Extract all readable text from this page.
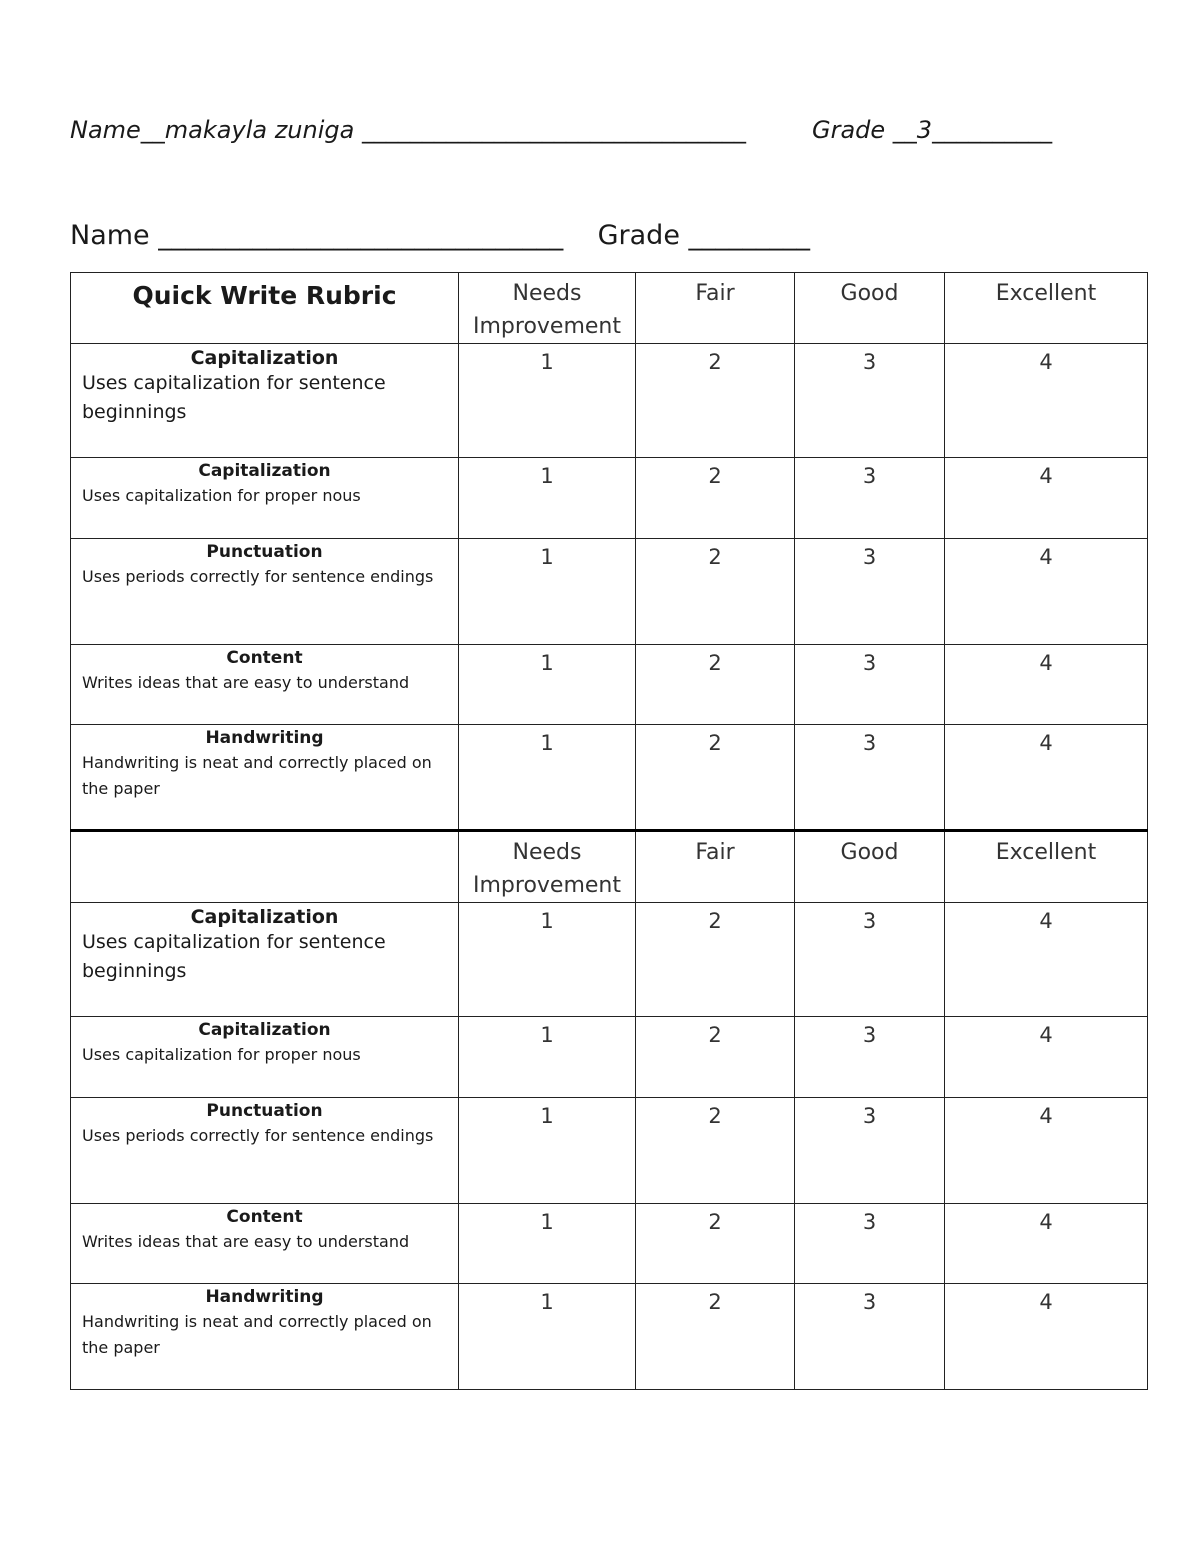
Name__makayla zuniga ________________________________	Grade __3__________
Name ______________________________ Grade _________
Quick Write Rubric	Needs Improvement	Fair	Good	Excellent

Capitalization
Uses capitalization for sentence beginnings	1	2	3	4

Capitalization
Uses capitalization for proper nous	1	2	3	4

Punctuation
Uses periods correctly for sentence endings	1	2	3	4

Content
Writes ideas that are easy to understand	1	2	3	4

Handwriting
Handwriting is neat and correctly placed on the paper	1	2	3	4

	Needs Improvement	Fair	Good	Excellent

Capitalization
Uses capitalization for sentence beginnings	1	2	3	4

Capitalization
Uses capitalization for proper nous	1	2	3	4

Punctuation
Uses periods correctly for sentence endings	1	2	3	4

Content
Writes ideas that are easy to understand	1	2	3	4

Handwriting
Handwriting is neat and correctly placed on the paper	1	2	3	4
